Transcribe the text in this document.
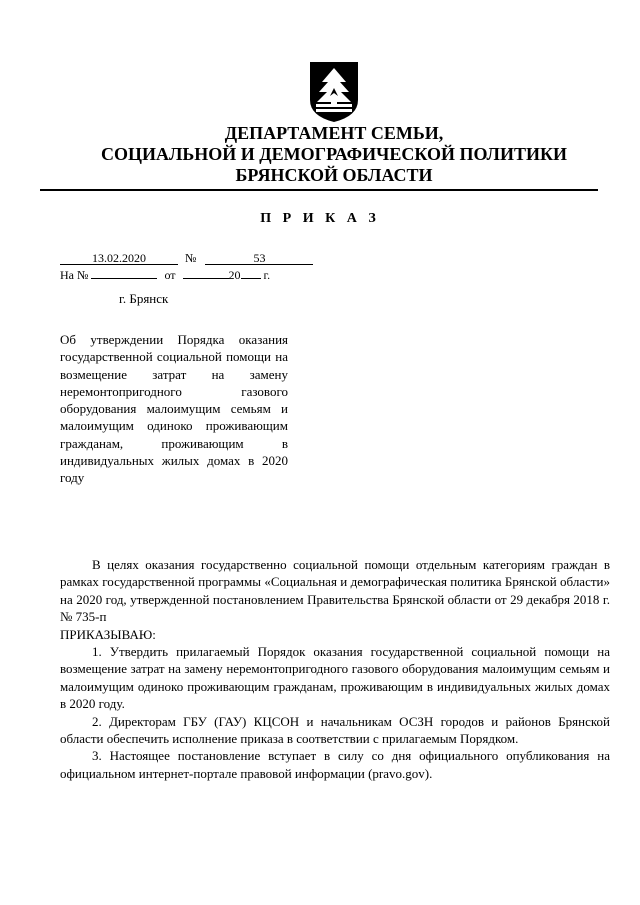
ДЕПАРТАМЕНТ СЕМЬИ,
СОЦИАЛЬНОЙ И ДЕМОГРАФИЧЕСКОЙ ПОЛИТИКИ
БРЯНСКОЙ ОБЛАСТИ
П Р И К А З
13.02.2020	№	53
На №	от	20 г.
г. Брянск
Об утверждении Порядка оказания государственной социальной помощи на возмещение затрат на замену неремонтопригодного газового оборудования малоимущим семьям и малоимущим одиноко проживающим гражданам, проживающим в индивидуальных жилых домах в 2020 году

В целях оказания государственно социальной помощи отдельным категориям граждан в рамках государственной программы «Социальная и демографическая политика Брянской области» на 2020 год, утвержденной постановлением Правительства Брянской области от 29 декабря 2018 г. № 735-п

ПРИКАЗЫВАЮ:

1. Утвердить прилагаемый Порядок оказания государственной социальной помощи на возмещение затрат на замену неремонтопригодного газового оборудования малоимущим семьям и малоимущим одиноко проживающим гражданам, проживающим в индивидуальных жилых домах в 2020 году.

2. Директорам ГБУ (ГАУ) КЦСОН и начальникам ОСЗН городов и районов Брянской области обеспечить исполнение приказа в соответствии с прилагаемым Порядком.

3. Настоящее постановление вступает в силу со дня официального опубликования на официальном интернет-портале правовой информации (pravo.gov).
